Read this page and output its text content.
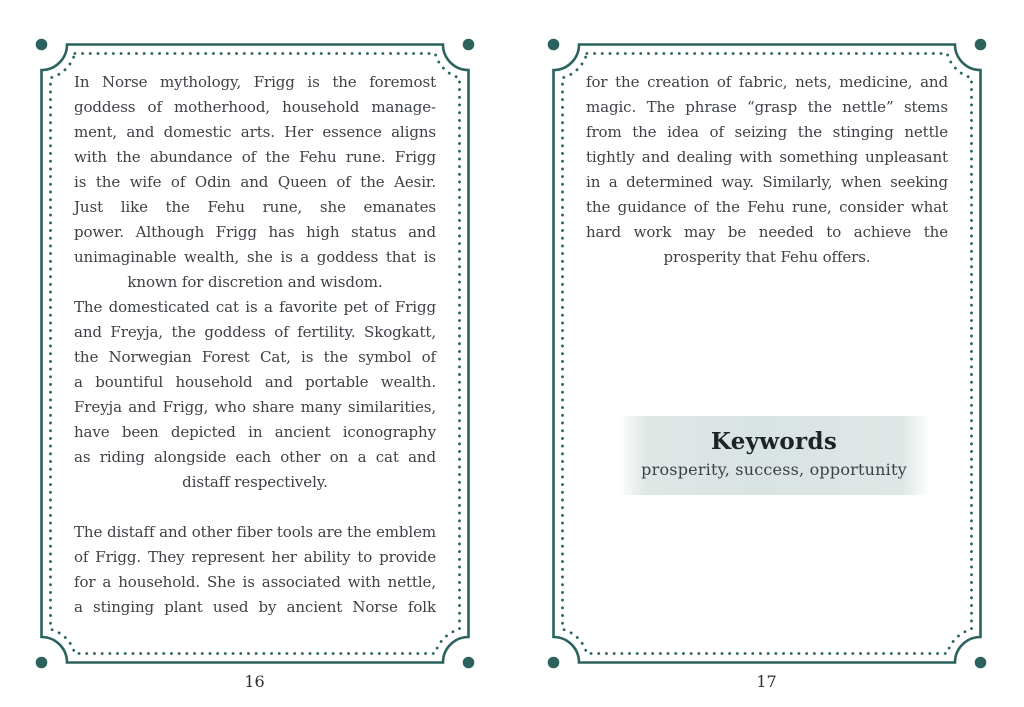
In Norse mythology, Frigg is the foremost
goddess of motherhood, household manage-
ment, and domestic arts. Her essence aligns
with the abundance of the Fehu rune. Frigg
is the wife of Odin and Queen of the Aesir.
Just like the Fehu rune, she emanates
power. Although Frigg has high status and
unimaginable wealth, she is a goddess that is
known for discretion and wisdom.
The domesticated cat is a favorite pet of Frigg
and Freyja, the goddess of fertility. Skogkatt,
the Norwegian Forest Cat, is the symbol of
a bountiful household and portable wealth.
Freyja and Frigg, who share many similarities,
have been depicted in ancient iconography
as riding alongside each other on a cat and
distaff respectively.
The distaff and other fiber tools are the emblem
of Frigg. They represent her ability to provide
for a household. She is associated with nettle,
a stinging plant used by ancient Norse folk
16
for the creation of fabric, nets, medicine, and
magic. The phrase “grasp the nettle” stems
from the idea of seizing the stinging nettle
tightly and dealing with something unpleasant
in a determined way. Similarly, when seeking
the guidance of the Fehu rune, consider what
hard work may be needed to achieve the
prosperity that Fehu offers.
Keywords
prosperity, success, opportunity
17
